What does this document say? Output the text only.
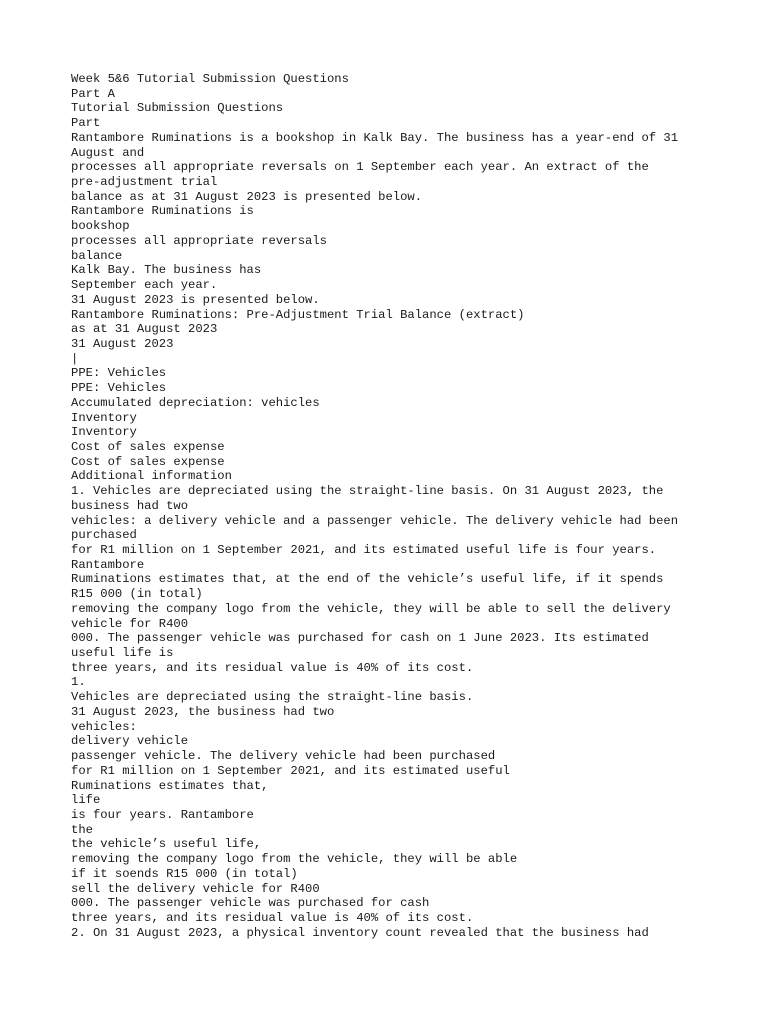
Week 5&6 Tutorial Submission Questions
Part A
Tutorial Submission Questions
Part
Rantambore Ruminations is a bookshop in Kalk Bay. The business has a year-end of 31
August and
processes all appropriate reversals on 1 September each year. An extract of the
pre-adjustment trial
balance as at 31 August 2023 is presented below.
Rantambore Ruminations is
bookshop
processes all appropriate reversals
balance
Kalk Bay. The business has
September each year.
31 August 2023 is presented below.
Rantambore Ruminations: Pre-Adjustment Trial Balance (extract)
as at 31 August 2023
31 August 2023
|
PPE: Vehicles
PPE: Vehicles
Accumulated depreciation: vehicles
Inventory
Inventory
Cost of sales expense
Cost of sales expense
Additional information
1. Vehicles are depreciated using the straight-line basis. On 31 August 2023, the
business had two
vehicles: a delivery vehicle and a passenger vehicle. The delivery vehicle had been
purchased
for R1 million on 1 September 2021, and its estimated useful life is four years.
Rantambore
Ruminations estimates that, at the end of the vehicle’s useful life, if it spends
R15 000 (in total)
removing the company logo from the vehicle, they will be able to sell the delivery
vehicle for R400
000. The passenger vehicle was purchased for cash on 1 June 2023. Its estimated
useful life is
three years, and its residual value is 40% of its cost.
1.
Vehicles are depreciated using the straight-line basis.
31 August 2023, the business had two
vehicles:
delivery vehicle
passenger vehicle. The delivery vehicle had been purchased
for R1 million on 1 September 2021, and its estimated useful
Ruminations estimates that,
life
is four years. Rantambore
the
the vehicle’s useful life,
removing the company logo from the vehicle, they will be able
if it soends R15 000 (in total)
sell the delivery vehicle for R400
000. The passenger vehicle was purchased for cash
three years, and its residual value is 40% of its cost.
2. On 31 August 2023, a physical inventory count revealed that the business had
